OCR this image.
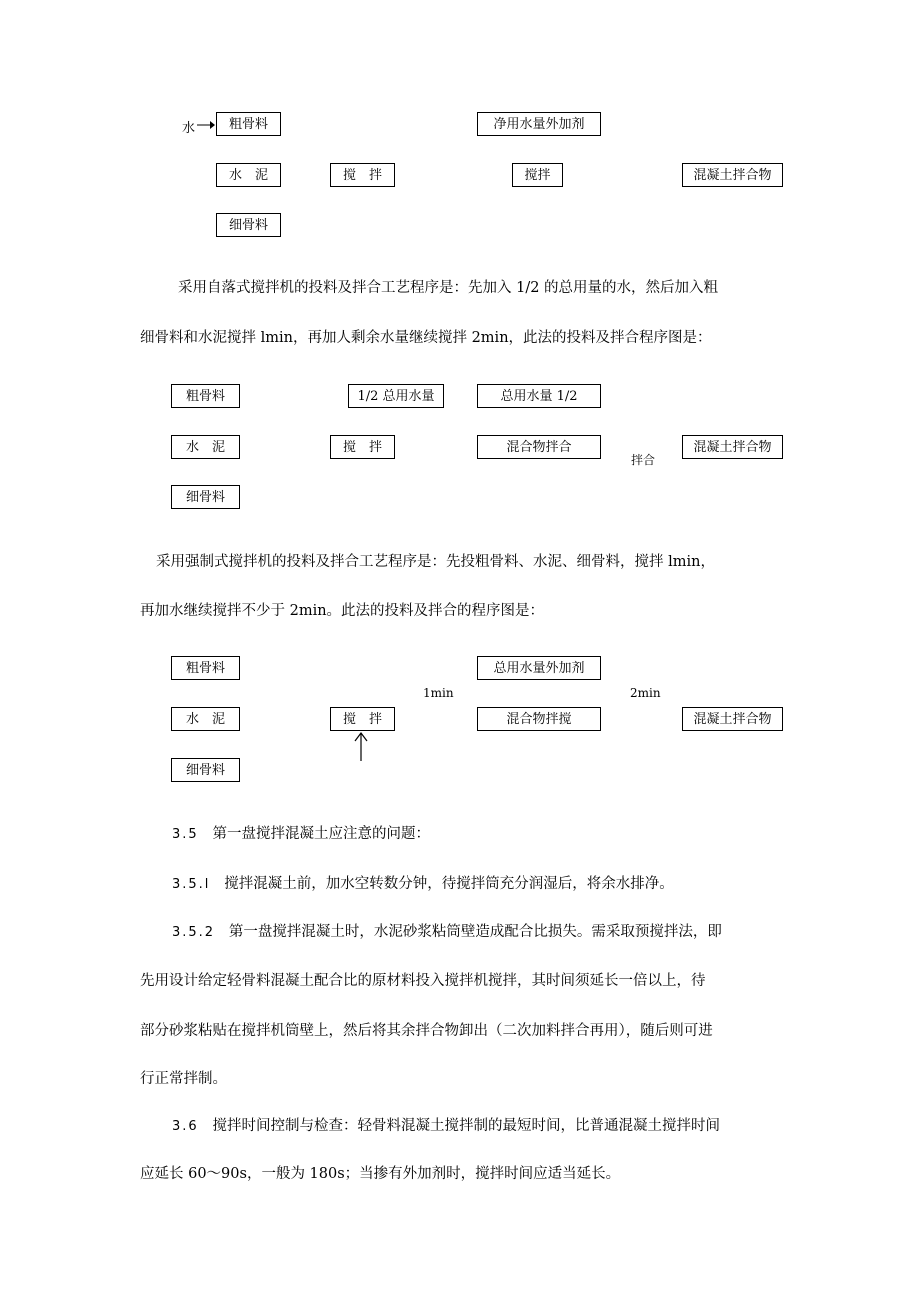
水	粗骨料
水　泥
细骨料
搅　拌
净用水量外加剂
搅拌	混凝土拌合物
采用自落式搅拌机的投料及拌合工艺程序是：先加入 1/2 的总用量的水，然后加入粗
细骨料和水泥搅拌 lmin，再加人剩余水量继续搅拌 2min，此法的投料及拌合程序图是：
粗骨料
水　泥
细骨料
1/2 总用水量
搅　拌
总用水量 1/2
混合物拌合
拌合
混凝土拌合物
采用强制式搅拌机的投料及拌合工艺程序是：先投粗骨料、水泥、细骨料，搅拌 lmin，
再加水继续搅拌不少于 2min。此法的投料及拌合的程序图是：
粗骨料
水　泥
细骨料
搅　拌
1min
总用水量外加剂
混合物拌搅
2min
混凝土拌合物
3.5 第一盘搅拌混凝土应注意的问题：
3.5.l 搅拌混凝土前，加水空转数分钟，待搅拌筒充分润湿后，将余水排净。
3.5.2 第一盘搅拌混凝土时，水泥砂浆粘筒壁造成配合比损失。需采取预搅拌法，即
先用设计给定轻骨料混凝土配合比的原材料投入搅拌机搅拌，其时间须延长一倍以上，待
部分砂浆粘贴在搅拌机筒壁上，然后将其余拌合物卸出（二次加料拌合再用），随后则可进
行正常拌制。
3.6 搅拌时间控制与检查：轻骨料混凝土搅拌制的最短时间，比普通混凝土搅拌时间
应延长 60～90s，一般为 180s；当掺有外加剂时，搅拌时间应适当延长。
